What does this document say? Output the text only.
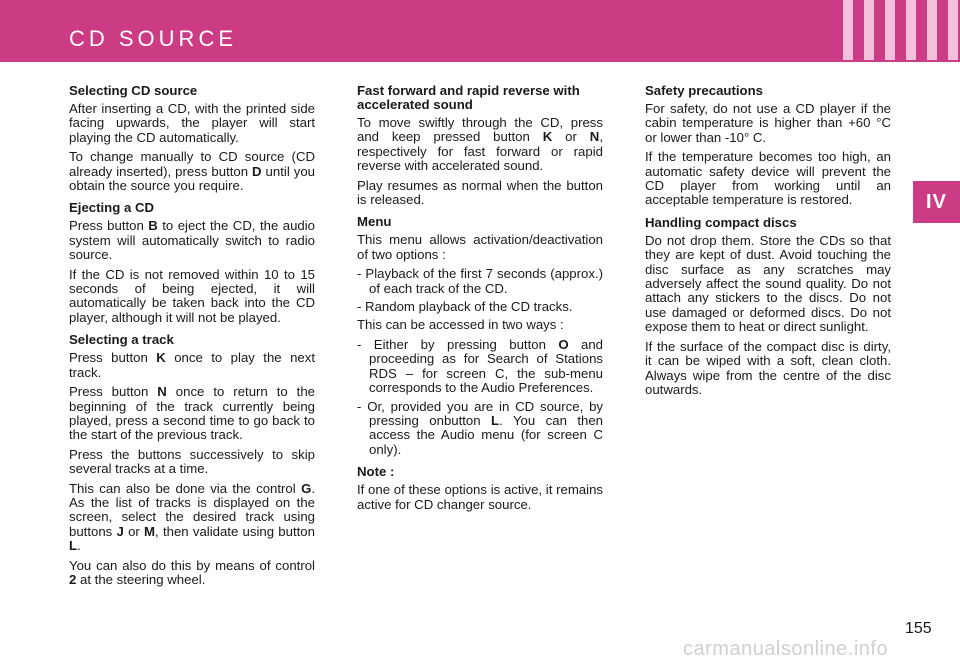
CD SOURCE
IV
Selecting CD source
After inserting a CD, with the printed side facing upwards, the player will start playing the CD automatically.
To change manually to CD source (CD already inserted), press button D until you obtain the source you require.
Ejecting a CD
Press button B to eject the CD, the audio system will automatically switch to radio source.
If the CD is not removed within 10 to 15 seconds of being ejected, it will automatically be taken back into the CD player, although it will not be played.
Selecting a track
Press button K once to play the next track.
Press button N once to return to the beginning of the track currently being played, press a second time to go back to the start of the previous track.
Press the buttons successively to skip several tracks at a time.
This can also be done via the control G. As the list of tracks is displayed on the screen, select the desired track using buttons J or M, then validate using button L.
You can also do this by means of control 2 at the steering wheel.
Fast forward and rapid reverse with accelerated sound
To move swiftly through the CD, press and keep pressed button K or N, respectively for fast forward or rapid reverse with accelerated sound.
Play resumes as normal when the button is released.
Menu
This menu allows activation/deactivation of two options :
- Playback of the first 7 seconds (approx.) of each track of the CD.
- Random playback of the CD tracks.
This can be accessed in two ways :
- Either by pressing button O and proceeding as for Search of Stations RDS – for screen C, the sub-menu corresponds to the Audio Preferences.
- Or, provided you are in CD source, by pressing onbutton L. You can then access the Audio menu (for screen C only).
Note :
If one of these options is active, it remains active for CD changer source.
Safety precautions
For safety, do not use a CD player if the cabin temperature is higher than +60 °C or lower than -10° C.
If the temperature becomes too high, an automatic safety device will prevent the CD player from working until an acceptable temperature is restored.
Handling compact discs
Do not drop them. Store the CDs so that they are kept of dust. Avoid touching the disc surface as any scratches may adversely affect the sound quality. Do not attach any stickers to the discs. Do not use damaged or deformed discs. Do not expose them to heat or direct sunlight.
If the surface of the compact disc is dirty, it can be wiped with a soft, clean cloth. Always wipe from the centre of the disc outwards.
155
carmanualsonline.info
